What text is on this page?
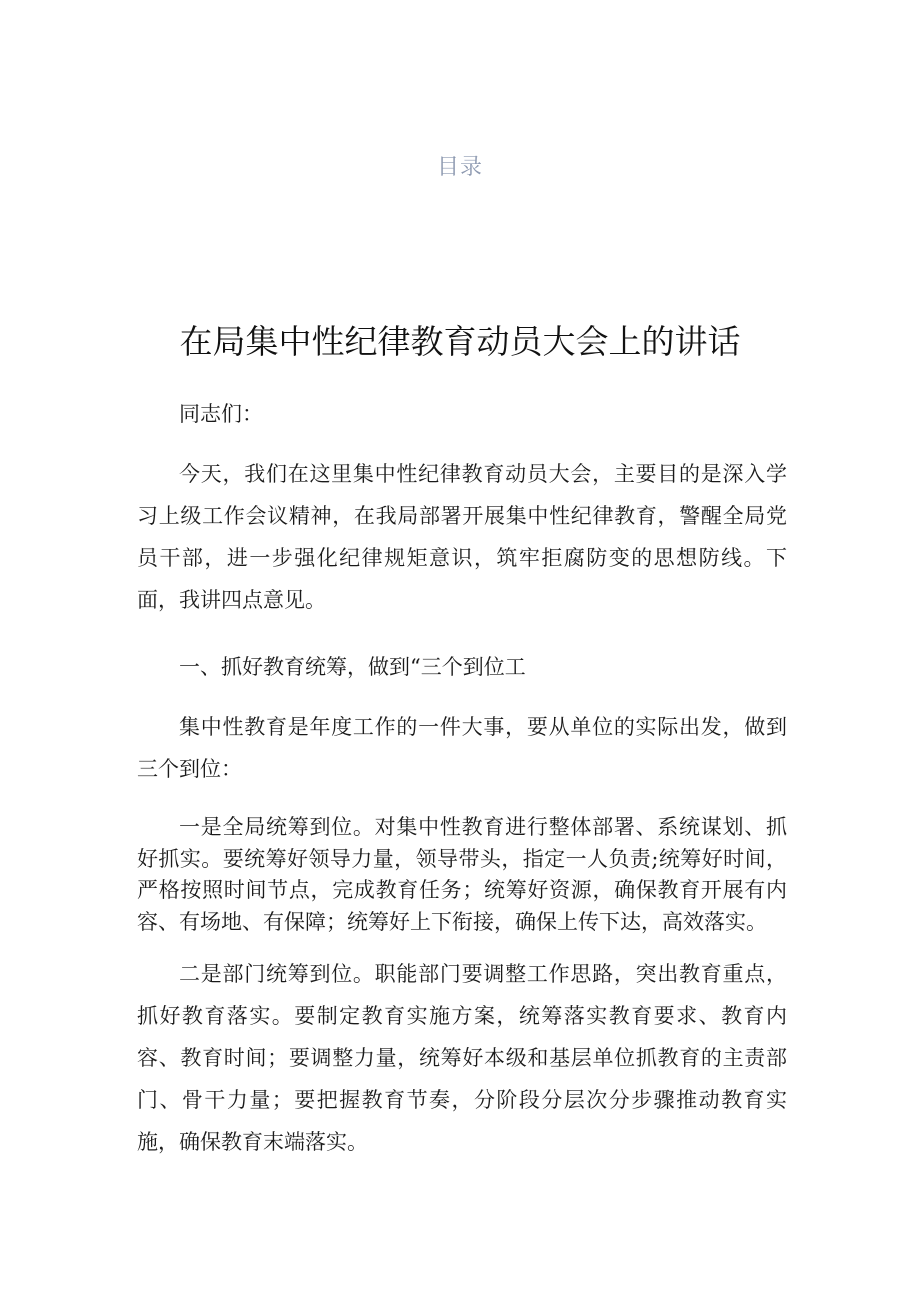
目录
在局集中性纪律教育动员大会上的讲话

同志们：

今天，我们在这里集中性纪律教育动员大会，主要目的是深入学习上级工作会议精神，在我局部署开展集中性纪律教育，警醒全局党员干部，进一步强化纪律规矩意识，筑牢拒腐防变的思想防线。下面，我讲四点意见。

一、抓好教育统筹，做到“三个到位工

集中性教育是年度工作的一件大事，要从单位的实际出发，做到三个到位：

一是全局统筹到位。对集中性教育进行整体部署、系统谋划、抓好抓实。要统筹好领导力量，领导带头，指定一人负责;统筹好时间，严格按照时间节点，完成教育任务；统筹好资源，确保教育开展有内容、有场地、有保障；统筹好上下衔接，确保上传下达，高效落实。

二是部门统筹到位。职能部门要调整工作思路，突出教育重点，抓好教育落实。要制定教育实施方案，统筹落实教育要求、教育内容、教育时间；要调整力量，统筹好本级和基层单位抓教育的主责部门、骨干力量；要把握教育节奏，分阶段分层次分步骤推动教育实施，确保教育末端落实。
